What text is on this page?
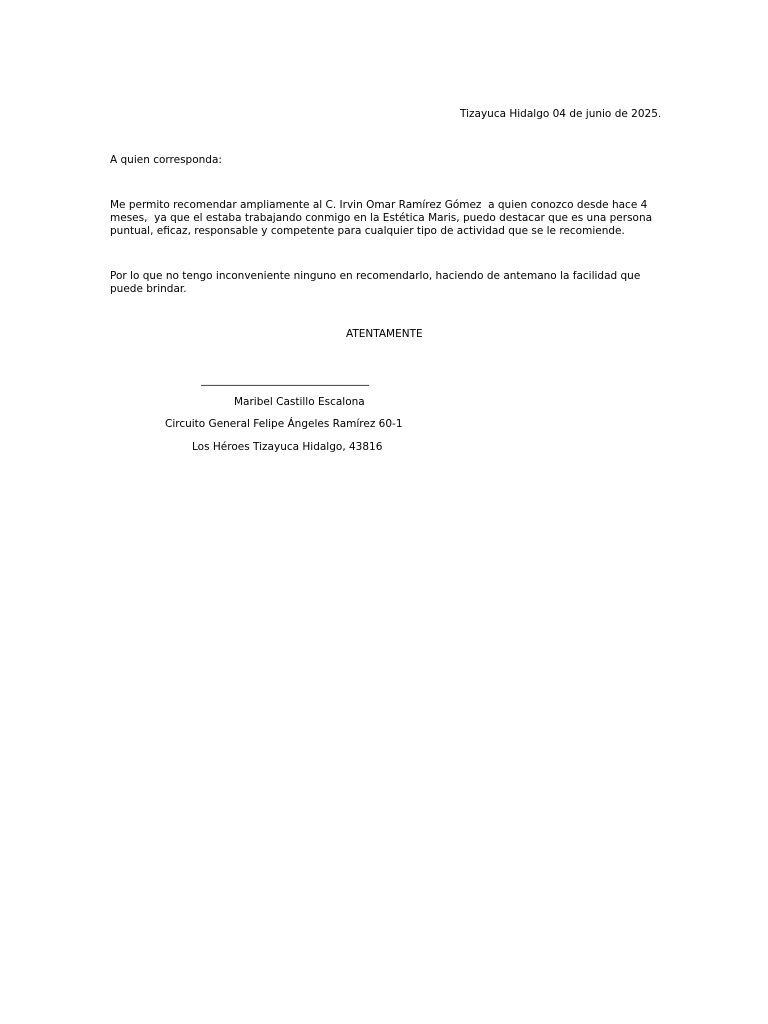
Tizayuca Hidalgo 04 de junio de 2025.
A quien corresponda:
Me permito recomendar ampliamente al C. Irvin Omar Ramírez Gómez  a quien conozco desde hace 4
meses,  ya que el estaba trabajando conmigo en la Estética Maris, puedo destacar que es una persona
puntual, eficaz, responsable y competente para cualquier tipo de actividad que se le recomiende.
Por lo que no tengo inconveniente ninguno en recomendarlo, haciendo de antemano la facilidad que
puede brindar.
ATENTAMENTE
________________________________
Maribel Castillo Escalona
Circuito General Felipe Ángeles Ramírez 60-1
Los Héroes Tizayuca Hidalgo, 43816
